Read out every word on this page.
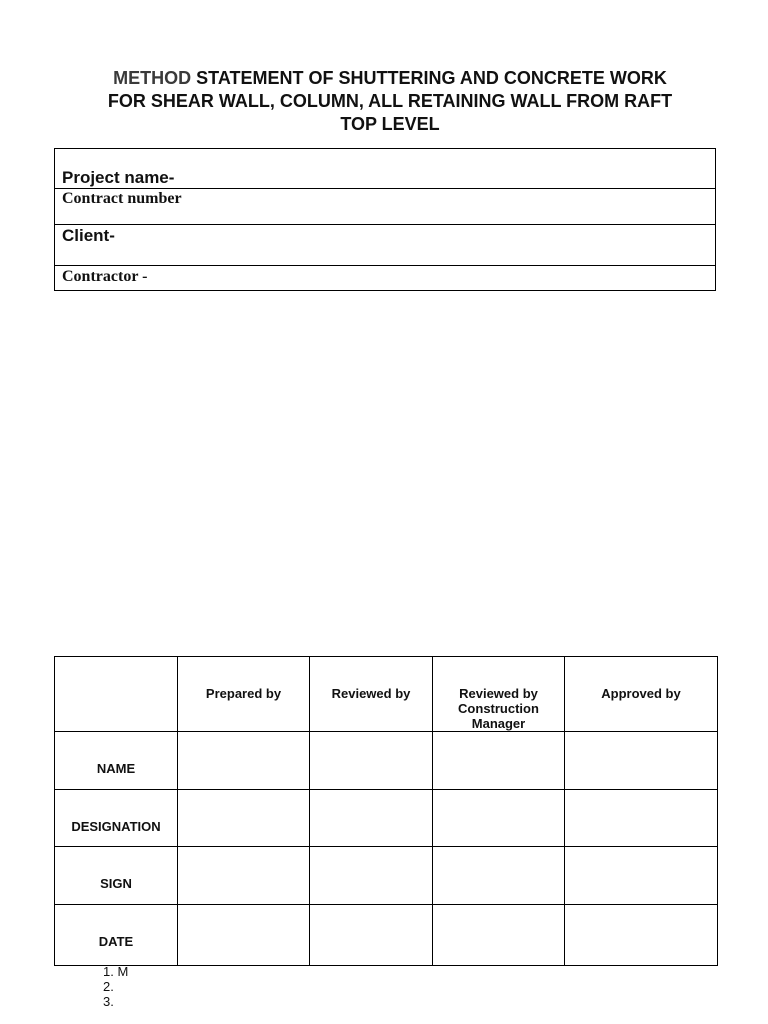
METHOD STATEMENT OF SHUTTERING AND CONCRETE WORK
FOR SHEAR WALL, COLUMN, ALL RETAINING WALL FROM RAFT
TOP LEVEL
Project name-
Contract number
Client-
Contractor -
	Prepared by	Reviewed by	Reviewed by Construction Manager	Approved by
NAME				
DESIGNATION				
SIGN				
DATE				
1. M
2.
3.
